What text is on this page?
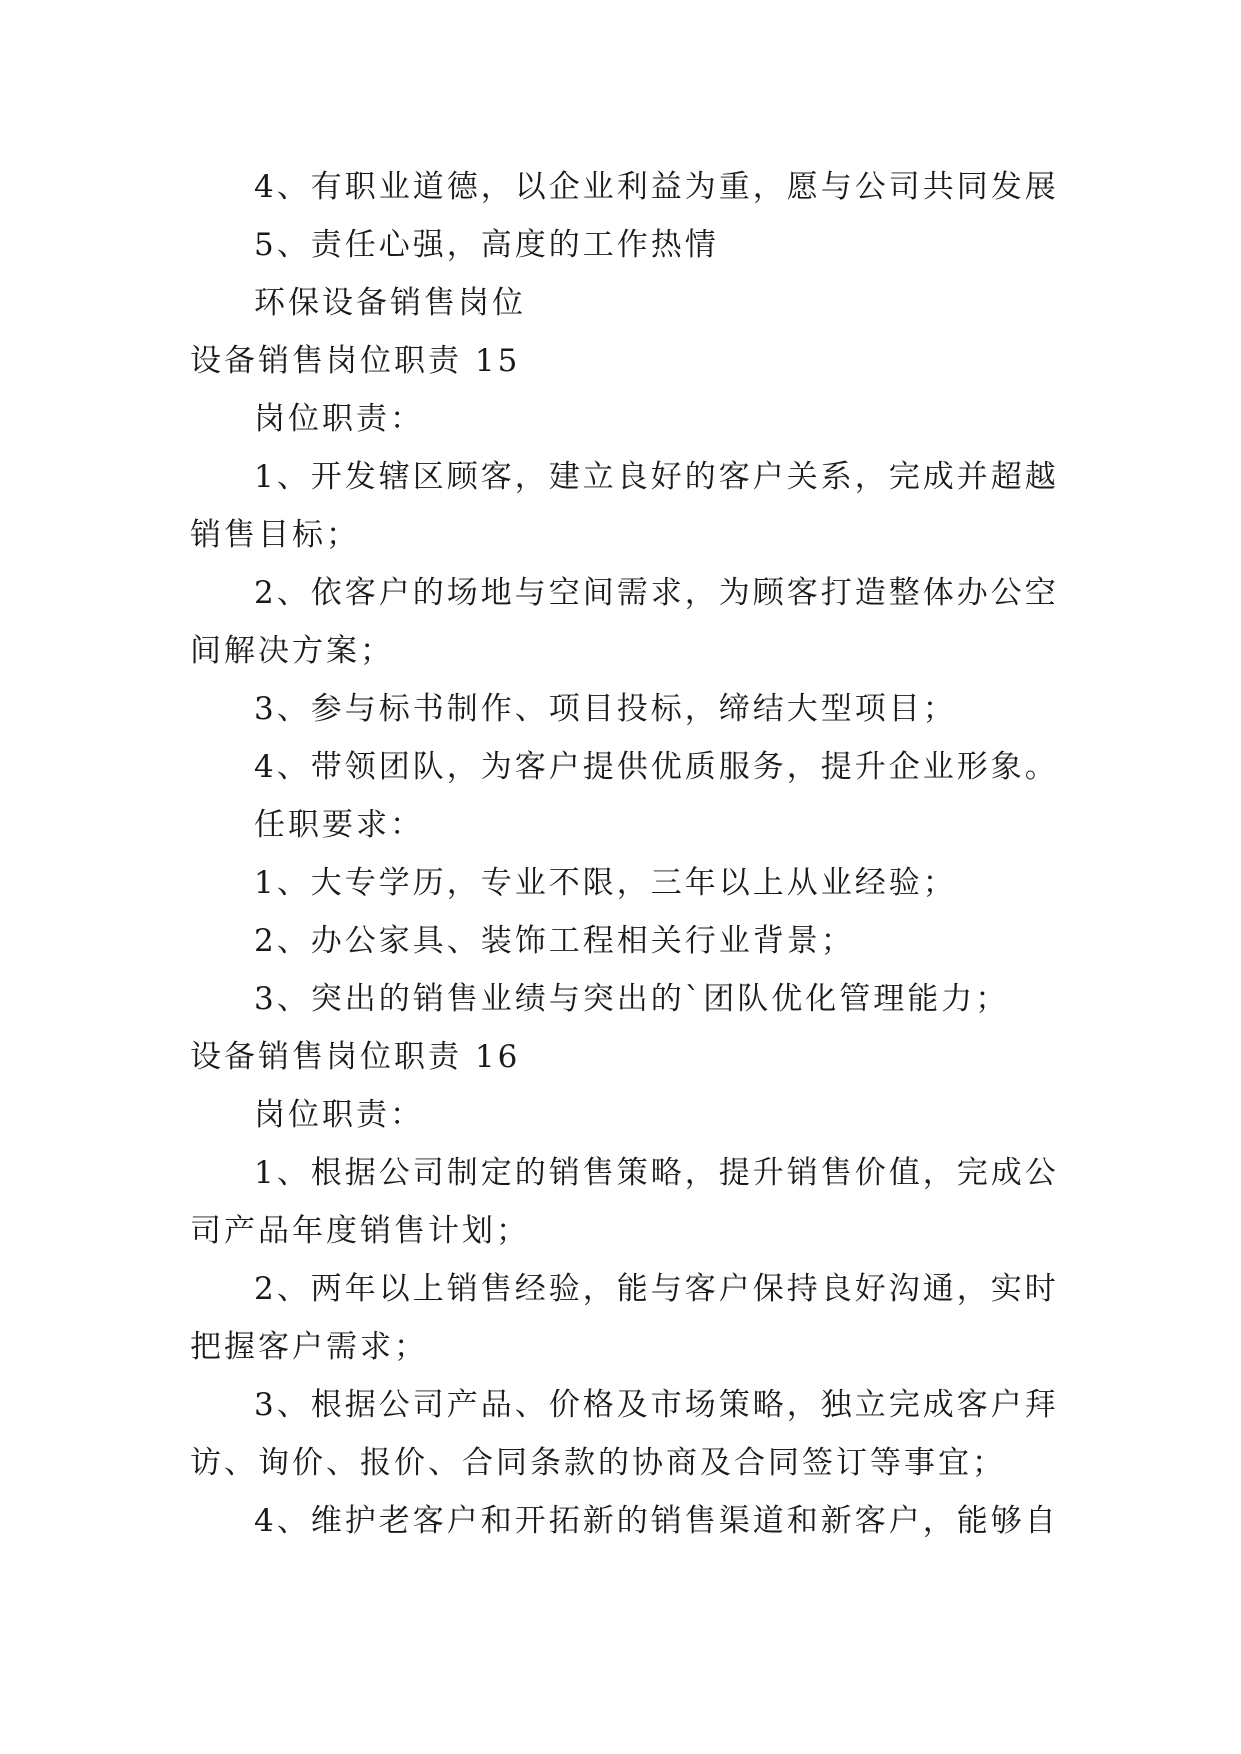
4、有职业道德，以企业利益为重，愿与公司共同发展
5、责任心强，高度的工作热情
环保设备销售岗位
设备销售岗位职责 15
岗位职责：
1、开发辖区顾客，建立良好的客户关系，完成并超越
销售目标；
2、依客户的场地与空间需求，为顾客打造整体办公空
间解决方案；
3、参与标书制作、项目投标，缔结大型项目；
4、带领团队，为客户提供优质服务，提升企业形象。
任职要求：
1、大专学历，专业不限，三年以上从业经验；
2、办公家具、装饰工程相关行业背景；
3、突出的销售业绩与突出的`团队优化管理能力；
设备销售岗位职责 16
岗位职责：
1、根据公司制定的销售策略，提升销售价值，完成公
司产品年度销售计划；
2、两年以上销售经验，能与客户保持良好沟通，实时
把握客户需求；
3、根据公司产品、价格及市场策略，独立完成客户拜
访、询价、报价、合同条款的协商及合同签订等事宜；
4、维护老客户和开拓新的销售渠道和新客户，能够自
